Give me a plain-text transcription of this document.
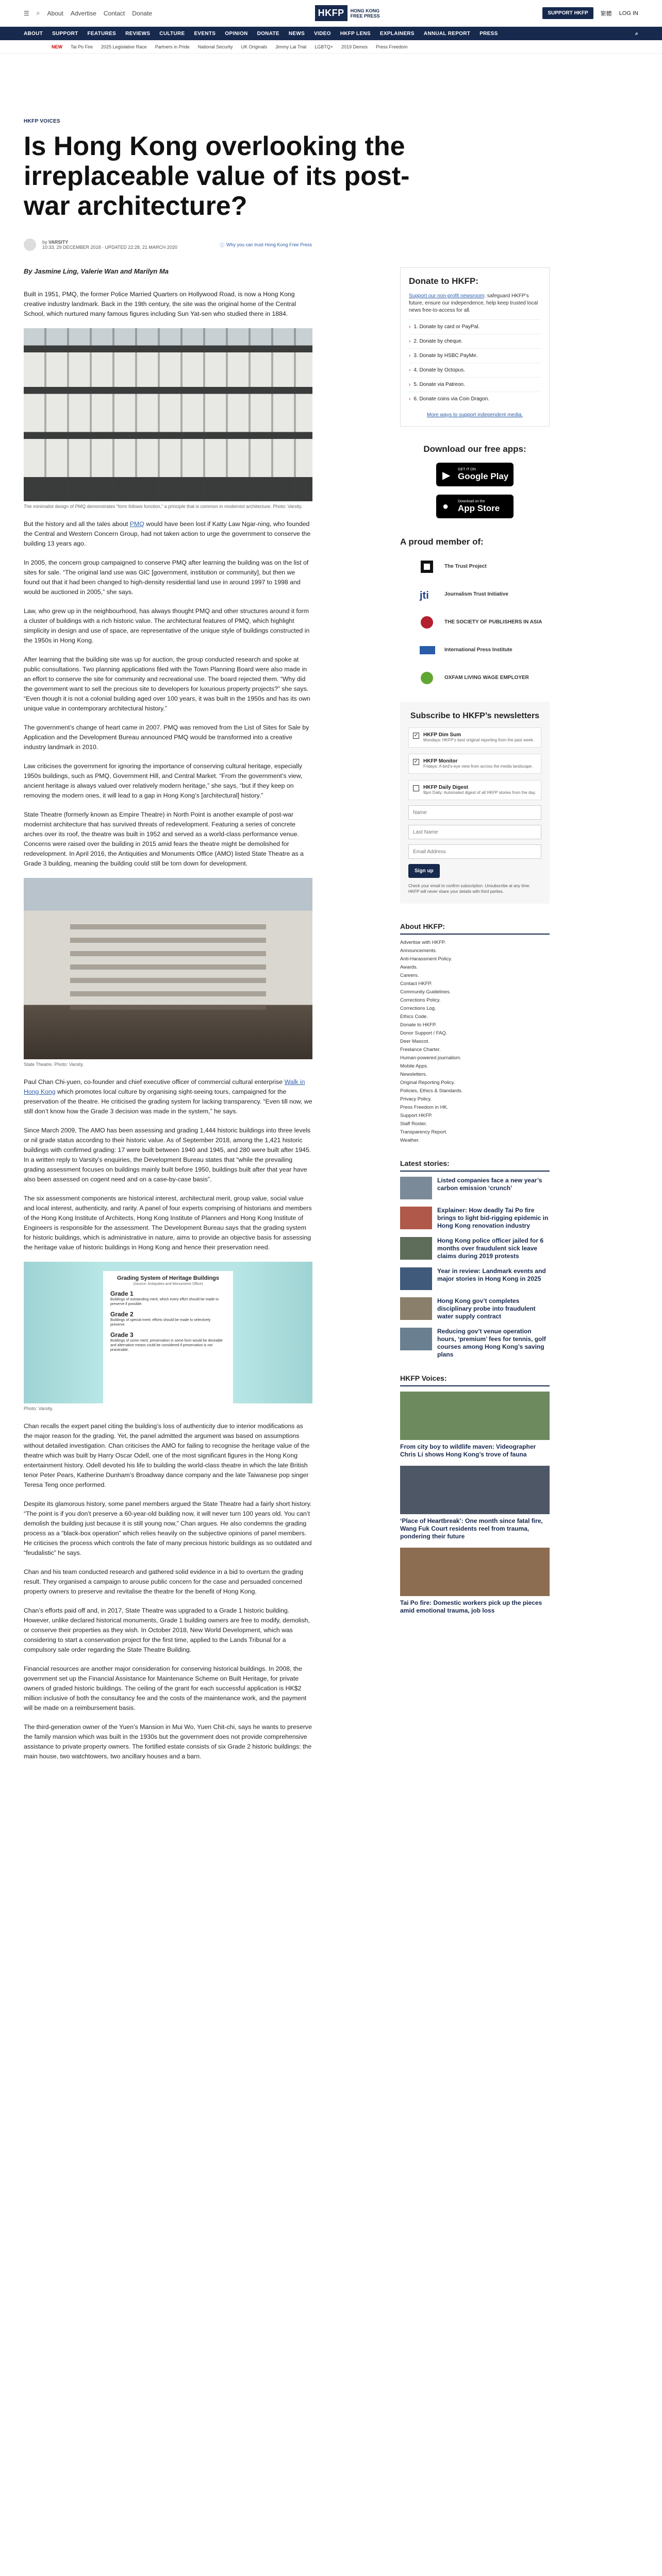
☰ ⌕ About Advertise Contact Donate	HKFP	HONG KONG
FREE PRESS	SUPPORT HKFP	繁體 LOG IN
ABOUT SUPPORT FEATURES REVIEWS CULTURE EVENTS OPINION DONATE NEWS VIDEO HKFP LENS EXPLAINERS ANNUAL REPORT PRESS	⌕
NEW Tai Po Fire 2025 Legislative Race Partners in Pride National Security UK Originals Jimmy Lai Trial LGBTQ+ 2019 Demos Press Freedom
HKFP VOICES
Is Hong Kong overlooking the irreplaceable value of its post-war architecture?
by VARSITY
10:33, 29 DECEMBER 2018 · UPDATED 22:28, 21 MARCH 2020	ⓘ Why you can trust Hong Kong Free Press
By Jasmine Ling, Valerie Wan and Marilyn Ma

Built in 1951, PMQ, the former Police Married Quarters on Hollywood Road, is now a Hong Kong creative industry landmark. Back in the 19th century, the site was the original home of the Central School, which nurtured many famous figures including Sun Yat-sen who studied there in 1884.

The minimalist design of PMQ demonstrates “form follows function,” a principle that is common in modernist architecture. Photo: Varsity.

But the history and all the tales about PMQ would have been lost if Katty Law Ngar-ning, who founded the Central and Western Concern Group, had not taken action to urge the government to conserve the building 13 years ago.

In 2005, the concern group campaigned to conserve PMQ after learning the building was on the list of sites for sale. “The original land use was GIC [government, institution or community], but then we found out that it had been changed to high-density residential land use in around 1997 to 1998 and would be auctioned in 2005,” she says.

Law, who grew up in the neighbourhood, has always thought PMQ and other structures around it form a cluster of buildings with a rich historic value. The architectural features of PMQ, which highlight simplicity in design and use of space, are representative of the unique style of buildings constructed in the 1950s in Hong Kong.

After learning that the building site was up for auction, the group conducted research and spoke at public consultations. Two planning applications filed with the Town Planning Board were also made in an effort to conserve the site for community and recreational use. The board rejected them. “Why did the government want to sell the precious site to developers for luxurious property projects?” she says. “Even though it is not a colonial building aged over 100 years, it was built in the 1950s and has its own unique value in contemporary architectural history.”

The government’s change of heart came in 2007. PMQ was removed from the List of Sites for Sale by Application and the Development Bureau announced PMQ would be transformed into a creative industry landmark in 2010.

Law criticises the government for ignoring the importance of conserving cultural heritage, especially 1950s buildings, such as PMQ, Government Hill, and Central Market. “From the government’s view, ancient heritage is always valued over relatively modern heritage,” she says, “but if they keep on removing the modern ones, it will lead to a gap in Hong Kong’s [architectural] history.”

State Theatre (formerly known as Empire Theatre) in North Point is another example of post-war modernist architecture that has survived threats of redevelopment. Featuring a series of concrete arches over its roof, the theatre was built in 1952 and served as a world-class performance venue. Concerns were raised over the building in 2015 amid fears the theatre might be demolished for redevelopment. In April 2016, the Antiquities and Monuments Office (AMO) listed State Theatre as a Grade 3 building, meaning the building could still be torn down for development.

State Theatre. Photo: Varsity.

Paul Chan Chi-yuen, co-founder and chief executive officer of commercial cultural enterprise Walk in Hong Kong which promotes local culture by organising sight-seeing tours, campaigned for the preservation of the theatre. He criticised the grading system for lacking transparency. “Even till now, we still don’t know how the Grade 3 decision was made in the system,” he says.

Since March 2009, The AMO has been assessing and grading 1,444 historic buildings into three levels or nil grade status according to their historic value. As of September 2018, among the 1,421 historic buildings with confirmed grading: 17 were built between 1940 and 1945, and 280 were built after 1945. In a written reply to Varsity’s enquiries, the Development Bureau states that “while the prevailing grading assessment focuses on buildings mainly built before 1950, buildings built after that year have also been assessed on cogent need and on a case-by-case basis”.

The six assessment components are historical interest, architectural merit, group value, social value and local interest, authenticity, and rarity. A panel of four experts comprising of historians and members of the Hong Kong Institute of Architects, Hong Kong Institute of Planners and Hong Kong Institute of Engineers is responsible for the assessment. The Development Bureau says that the grading system for historic buildings, which is administrative in nature, aims to provide an objective basis for assessing the heritage value of historic buildings in Hong Kong and hence their preservation need.

Grading System of Heritage Buildings
(Source: Antiquities and Monuments Office)
Grade 1
Buildings of outstanding merit, which every effort should be made to preserve if possible.
Grade 2
Buildings of special merit; efforts should be made to selectively preserve.
Grade 3
Buildings of some merit; preservation in some form would be desirable and alternative means could be considered if preservation is not practicable.
Photo: Varsity.

Chan recalls the expert panel citing the building’s loss of authenticity due to interior modifications as the major reason for the grading. Yet, the panel admitted the argument was based on assumptions without detailed investigation. Chan criticises the AMO for failing to recognise the heritage value of the theatre which was built by Harry Oscar Odell, one of the most significant figures in the Hong Kong entertainment history. Odell devoted his life to building the world-class theatre in which the late British tenor Peter Pears, Katherine Dunham’s Broadway dance company and the late Taiwanese pop singer Teresa Teng once performed.

Despite its glamorous history, some panel members argued the State Theatre had a fairly short history. “The point is if you don’t preserve a 60-year-old building now, it will never turn 100 years old. You can’t demolish the building just because it is still young now,” Chan argues. He also condemns the grading process as a “black-box operation” which relies heavily on the subjective opinions of panel members. He criticises the process which controls the fate of many precious historic buildings as so outdated and “feudalistic” he says.

Chan and his team conducted research and gathered solid evidence in a bid to overturn the grading result. They organised a campaign to arouse public concern for the case and persuaded concerned property owners to preserve and revitalise the theatre for the benefit of Hong Kong.

Chan’s efforts paid off and, in 2017, State Theatre was upgraded to a Grade 1 historic building. However, unlike declared historical monuments, Grade 1 building owners are free to modify, demolish, or conserve their properties as they wish. In October 2018, New World Development, which was considering to start a conservation project for the first time, applied to the Lands Tribunal for a compulsory sale order regarding the State Theatre Building.

Financial resources are another major consideration for conserving historical buildings. In 2008, the government set up the Financial Assistance for Maintenance Scheme on Built Heritage, for private owners of graded historic buildings. The ceiling of the grant for each successful application is HK$2 million inclusive of both the consultancy fee and the costs of the maintenance work, and the payment will be made on a reimbursement basis.

The third-generation owner of the Yuen’s Mansion in Mui Wo, Yuen Chit-chi, says he wants to preserve the family mansion which was built in the 1930s but the government does not provide comprehensive assistance to private property owners. The fortified estate consists of six Grade 2 historic buildings: the main house, two watchtowers, two ancillary houses and a barn.

Donate to HKFP:

Support our non-profit newsroom: safeguard HKFP’s future, ensure our independence, help keep trusted local news free-to-access for all.

› 1. Donate by card or PayPal.
› 2. Donate by cheque.
› 3. Donate by HSBC PayMe.
› 4. Donate by Octopus.
› 5. Donate via Patreon.
› 6. Donate coins via Coin Dragon.
More ways to support independent media.
Download our free apps:
▶
GET IT ON
Google Play
●	Download on the
App Store
A proud member of:
The Trust Project
jti	Journalism Trust Initiative
THE SOCIETY OF PUBLISHERS IN ASIA
International Press Institute
OXFAM LIVING WAGE EMPLOYER
Subscribe to HKFP’s newsletters
✓ HKFP Dim Sum
Mondays: HKFP’s best original reporting from the past week.
✓ HKFP Monitor
Fridays: A bird’s-eye view from across the media landscape.
HKFP Daily Digest
9pm Daily: Automated digest of all HKFP stories from the day.
Name Last Name Email Address
Sign up
Check your email to confirm subscription. Unsubscribe at any time. HKFP will never share your details with third parties.
About HKFP:
Advertise with HKFP.
Announcements.
Anti-Harassment Policy.
Awards.
Careers.
Contact HKFP.
Community Guidelines.
Corrections Policy.
Corrections Log.
Ethics Code.
Donate to HKFP.
Donor Support / FAQ.
Deer Mascot.
Freelance Charter.
Human-powered journalism.
Mobile Apps.
Newsletters.
Original Reporting Policy.
Policies, Ethics & Standards.
Privacy Policy.
Press Freedom in HK.
Support HKFP.
Staff Roster.
Transparency Report.
Weather.
Latest stories:
Listed companies face a new year’s carbon emission ‘crunch’
Explainer: How deadly Tai Po fire brings to light bid-rigging epidemic in Hong Kong renovation industry
Hong Kong police officer jailed for 6 months over fraudulent sick leave claims during 2019 protests
Year in review: Landmark events and major stories in Hong Kong in 2025
Hong Kong gov’t completes disciplinary probe into fraudulent water supply contract
Reducing gov’t venue operation hours, ‘premium’ fees for tennis, golf courses among Hong Kong’s saving plans
HKFP Voices:
From city boy to wildlife maven: Videographer Chris Li shows Hong Kong’s trove of fauna
‘Place of Heartbreak’: One month since fatal fire, Wang Fuk Court residents reel from trauma, pondering their future
Tai Po fire: Domestic workers pick up the pieces amid emotional trauma, job loss
